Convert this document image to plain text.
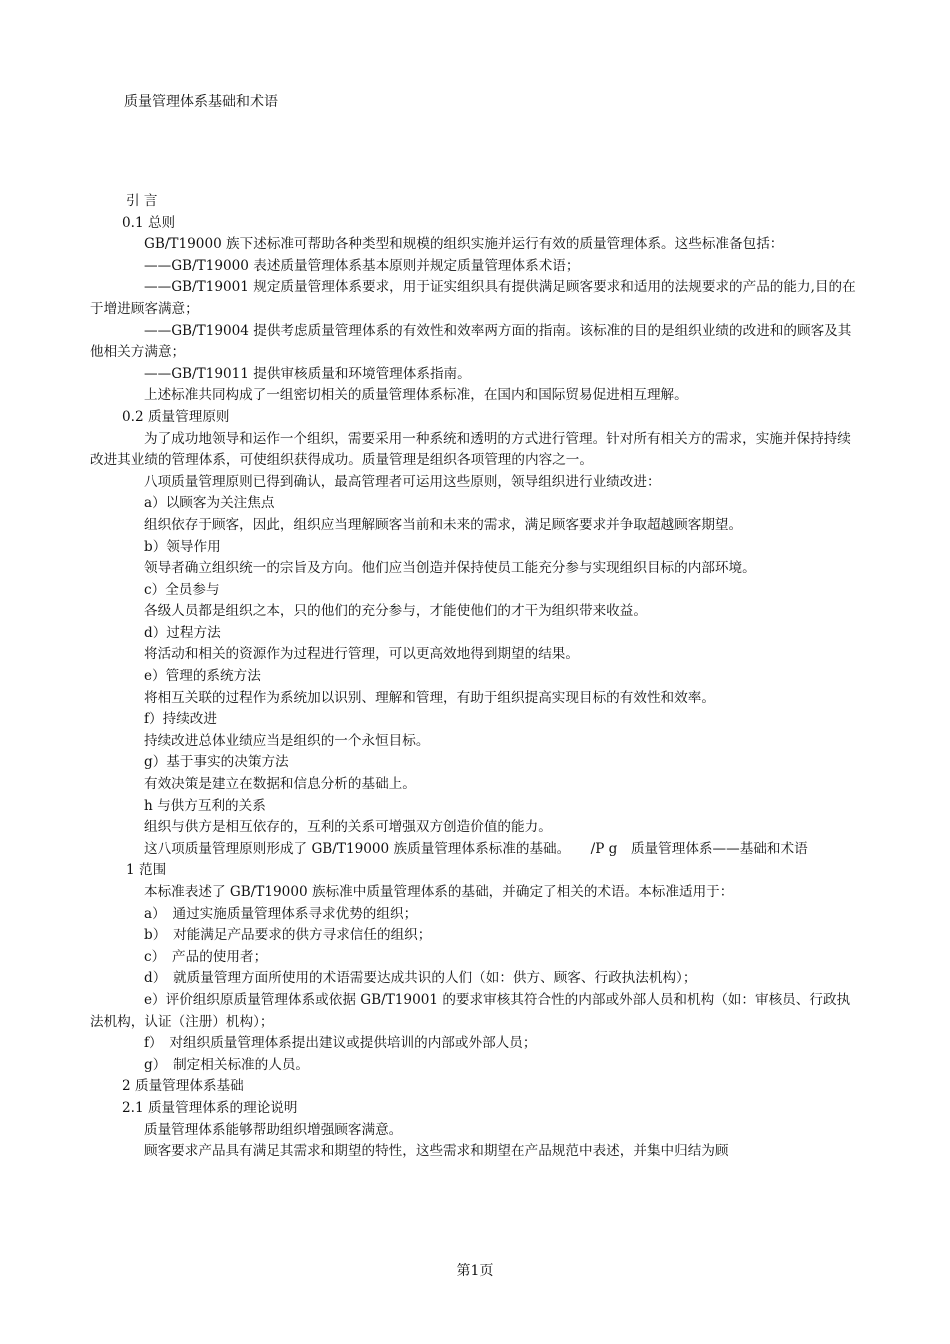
质量管理体系基础和术语

引 言

0.1 总则

GB/T19000 族下述标准可帮助各种类型和规模的组织实施并运行有效的质量管理体系。这些标准备包括：

——GB/T19000 表述质量管理体系基本原则并规定质量管理体系术语；

——GB/T19001 规定质量管理体系要求，用于证实组织具有提供满足顾客要求和适用的法规要求的产品的能力,目的在于增进顾客满意；

——GB/T19004 提供考虑质量管理体系的有效性和效率两方面的指南。该标准的目的是组织业绩的改进和的顾客及其他相关方满意；

——GB/T19011 提供审核质量和环境管理体系指南。

上述标准共同构成了一组密切相关的质量管理体系标准，在国内和国际贸易促进相互理解。

0.2 质量管理原则

为了成功地领导和运作一个组织，需要采用一种系统和透明的方式进行管理。针对所有相关方的需求，实施并保持持续改进其业绩的管理体系，可使组织获得成功。质量管理是组织各项管理的内容之一。

八项质量管理原则已得到确认，最高管理者可运用这些原则，领导组织进行业绩改进：

a）以顾客为关注焦点

组织依存于顾客，因此，组织应当理解顾客当前和未来的需求，满足顾客要求并争取超越顾客期望。

b）领导作用

领导者确立组织统一的宗旨及方向。他们应当创造并保持使员工能充分参与实现组织目标的内部环境。

c）全员参与

各级人员都是组织之本，只的他们的充分参与，才能使他们的才干为组织带来收益。

d）过程方法

将活动和相关的资源作为过程进行管理，可以更高效地得到期望的结果。

e）管理的系统方法

将相互关联的过程作为系统加以识别、理解和管理，有助于组织提高实现目标的有效性和效率。

f）持续改进

持续改进总体业绩应当是组织的一个永恒目标。

g）基于事实的决策方法

有效决策是建立在数据和信息分析的基础上。

h 与供方互利的关系

组织与供方是相互依存的，互利的关系可增强双方创造价值的能力。

这八项质量管理原则形成了 GB/T19000 族质量管理体系标准的基础。　　/P g　质量管理体系——基础和术语

1 范围

本标准表述了 GB/T19000 族标准中质量管理体系的基础，并确定了相关的术语。本标准适用于：

a）　通过实施质量管理体系寻求优势的组织；

b）　对能满足产品要求的供方寻求信任的组织；

c）　产品的使用者；

d）　就质量管理方面所使用的术语需要达成共识的人们（如：供方、顾客、行政执法机构）；

e）评价组织原质量管理体系或依据 GB/T19001 的要求审核其符合性的内部或外部人员和机构（如：审核员、行政执法机构，认证（注册）机构）；

f）　对组织质量管理体系提出建议或提供培训的内部或外部人员；

g）　制定相关标准的人员。

2 质量管理体系基础

2.1 质量管理体系的理论说明

质量管理体系能够帮助组织增强顾客满意。

顾客要求产品具有满足其需求和期望的特性，这些需求和期望在产品规范中表述，并集中归结为顾

第1页
